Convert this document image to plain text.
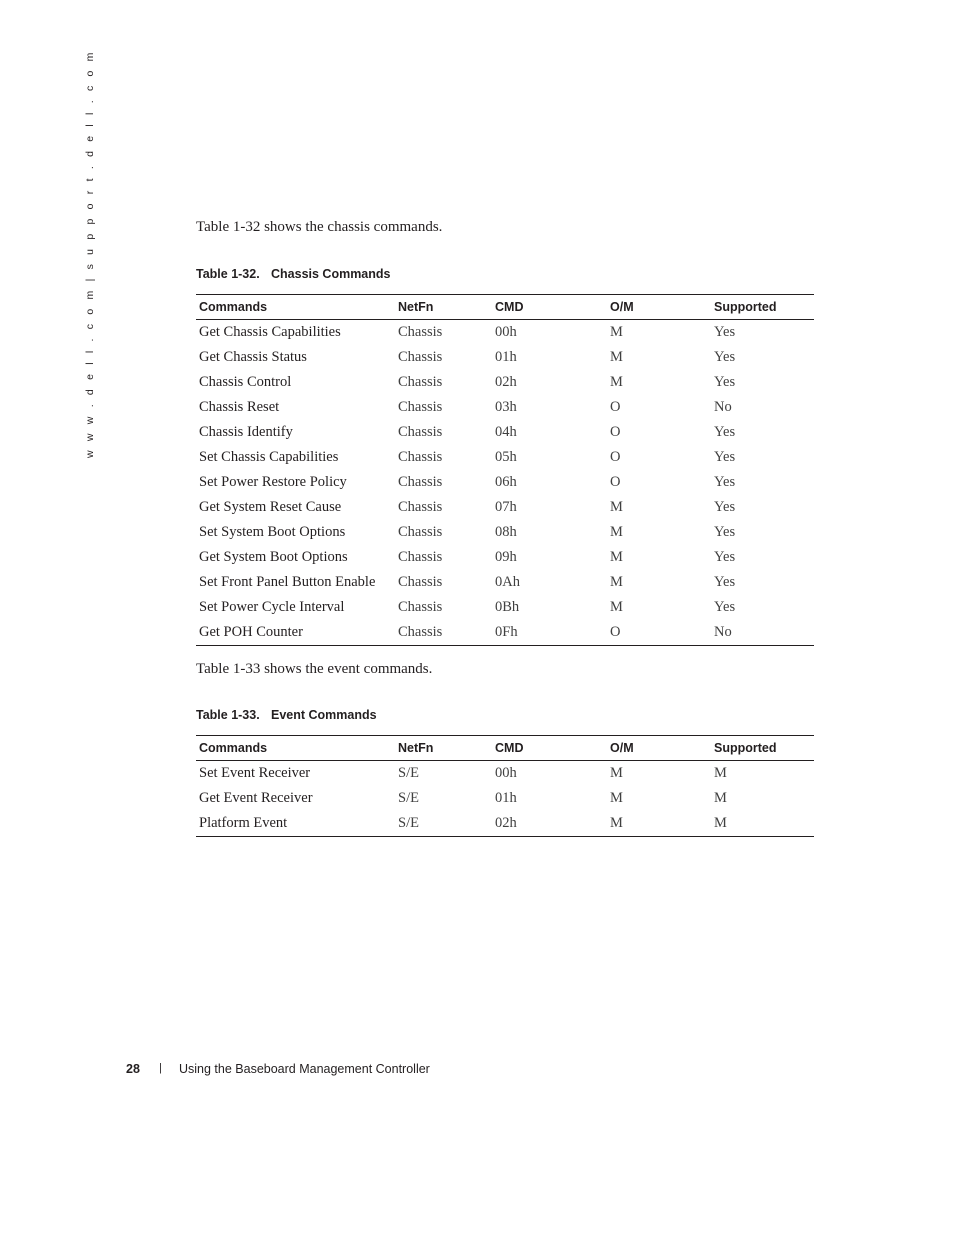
w w w . d e l l . c o m | s u p p o r t . d e l l . c o m	Table 1-32 shows the chassis commands.
Table 1-32. Chassis Commands
Commands	NetFn	CMD	O/M	Supported
Get Chassis Capabilities	Chassis	00h	M	Yes
Get Chassis Status	Chassis	01h	M	Yes
Chassis Control	Chassis	02h	M	Yes
Chassis Reset	Chassis	03h	O	No
Chassis Identify	Chassis	04h	O	Yes
Set Chassis Capabilities	Chassis	05h	O	Yes
Set Power Restore Policy	Chassis	06h	O	Yes
Get System Reset Cause	Chassis	07h	M	Yes
Set System Boot Options	Chassis	08h	M	Yes
Get System Boot Options	Chassis	09h	M	Yes
Set Front Panel Button Enable	Chassis	0Ah	M	Yes
Set Power Cycle Interval	Chassis	0Bh	M	Yes
Get POH Counter	Chassis	0Fh	O	No
Table 1-33 shows the event commands.
Table 1-33. Event Commands
Commands	NetFn	CMD	O/M	Supported
Set Event Receiver	S/E	00h	M	M
Get Event Receiver	S/E	01h	M	M
Platform Event	S/E	02h	M	M
28 | Using the Baseboard Management Controller
